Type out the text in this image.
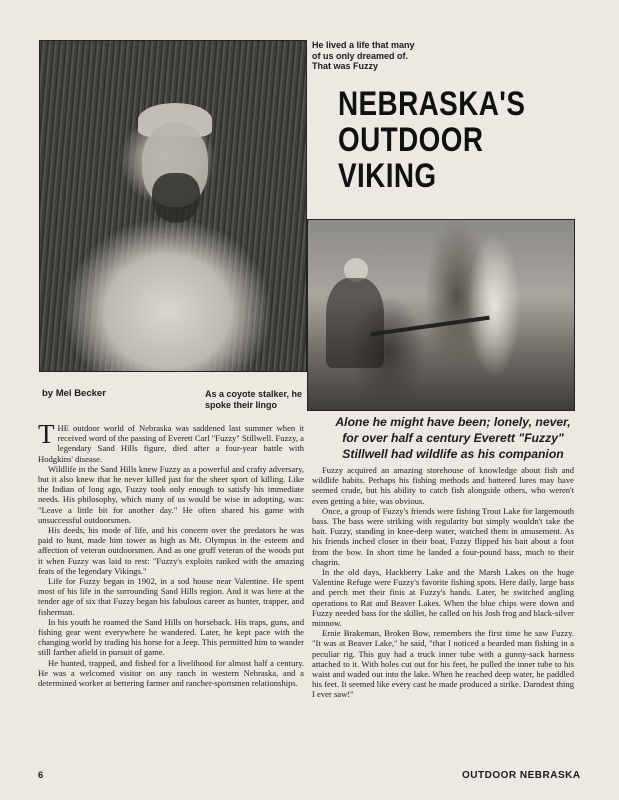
He lived a life that many of us only dreamed of. That was Fuzzy
NEBRASKA'S
OUTDOOR
VIKING
by Mel Becker	As a coyote stalker, he spoke their lingo
Alone he might have been; lonely, never, for over half a century Everett "Fuzzy" Stillwell had wildlife as his companion

THE outdoor world of Nebraska was saddened last summer when it received word of the passing of Everett Carl "Fuzzy" Stillwell. Fuzzy, a legendary Sand Hills figure, died after a four-year battle with Hodgkins' disease.

Wildlife in the Sand Hills knew Fuzzy as a powerful and crafty adversary, but it also knew that he never killed just for the sheer sport of killing. Like the Indian of long ago, Fuzzy took only enough to satisfy his immediate needs. His philosophy, which many of us would be wise in adopting, was: "Leave a little bit for another day." He often shared his game with unsuccessful outdoorsmen.

His deeds, his mode of life, and his concern over the predators he was paid to hunt, made him tower as high as Mt. Olympus in the esteem and affection of veteran outdoorsmen. And as one gruff veteran of the woods put it when Fuzzy was laid to rest: "Fuzzy's exploits ranked with the amazing feats of the legendary Vikings."

Life for Fuzzy began in 1902, in a sod house near Valentine. He spent most of his life in the surrounding Sand Hills region. And it was here at the tender age of six that Fuzzy began his fabulous career as hunter, trapper, and fisherman.

In his youth he roamed the Sand Hills on horseback. His traps, guns, and fishing gear went everywhere he wandered. Later, he kept pace with the changing world by trading his horse for a Jeep. This permitted him to wander still farther afield in pursuit of game.

He hunted, trapped, and fished for a livelihood for almost half a century. He was a welcomed visitor on any ranch in western Nebraska, and a determined worker at bettering farmer and rancher-sportsmen relationships.

Fuzzy acquired an amazing storehouse of knowledge about fish and wildlife habits. Perhaps his fishing methods and battered lures may have seemed crude, but his ability to catch fish alongside others, who weren't even getting a bite, was obvious.

Once, a group of Fuzzy's friends were fishing Trout Lake for largemouth bass. The bass were striking with regularity but simply wouldn't take the bait. Fuzzy, standing in knee-deep water, watched them in amusement. As his friends inched closer in their boat, Fuzzy flipped his bait about a foot from the bow. In short time he landed a four-pound bass, much to their chagrin.

In the old days, Hackberry Lake and the Marsh Lakes on the huge Valentine Refuge were Fuzzy's favorite fishing spots. Here daily, large bass and perch met their finis at Fuzzy's hands. Later, he switched angling operations to Rat and Beaver Lakes. When the blue chips were down and Fuzzy needed bass for the skillet, he called on his Josh frog and black-silver minnow.

Ernie Brakeman, Broken Bow, remembers the first time he saw Fuzzy. "It was at Beaver Lake," he said, "that I noticed a bearded man fishing in a peculiar rig. This guy had a truck inner tube with a gunny-sack harness attached to it. With holes cut out for his feet, he pulled the inner tube to his waist and waded out into the lake. When he reached deep water, he paddled his feet. It seemed like every cast he made produced a strike. Darndest thing I ever saw!"

6	OUTDOOR NEBRASKA
